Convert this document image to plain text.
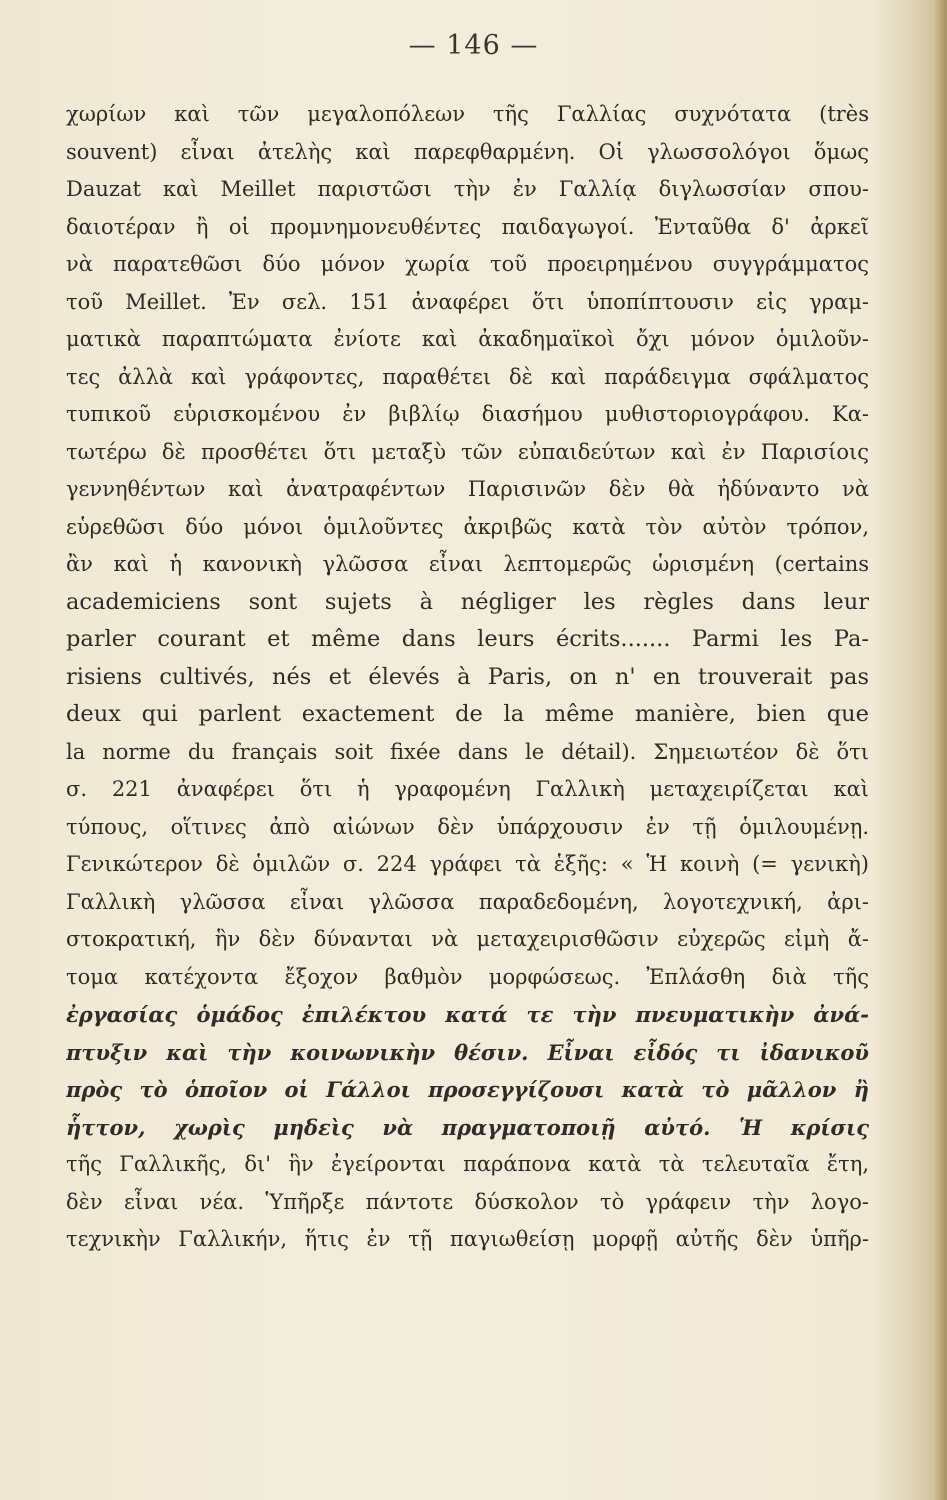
— 146 —
χωρίων καὶ τῶν μεγαλοπόλεων τῆς Γαλλίας συχνότατα (très
souvent) εἶναι ἀτελὴς καὶ παρεφθαρμένη. Οἱ γλωσσολόγοι ὅμως
Dauzat καὶ Meillet παριστῶσι τὴν ἐν Γαλλίᾳ διγλωσσίαν σπου-
δαιοτέραν ἢ οἱ προμνημονευθέντες παιδαγωγοί. Ἐνταῦθα δ' ἀρκεῖ
νὰ παρατεθῶσι δύο μόνον χωρία τοῦ προειρημένου συγγράμματος
τοῦ Meillet. Ἐν σελ. 151 ἀναφέρει ὅτι ὑποπίπτουσιν εἰς γραμ-
ματικὰ παραπτώματα ἐνίοτε καὶ ἀκαδημαϊκοὶ ὄχι μόνον ὁμιλοῦν-
τες ἀλλὰ καὶ γράφοντες, παραθέτει δὲ καὶ παράδειγμα σφάλματος
τυπικοῦ εὑρισκομένου ἐν βιβλίῳ διασήμου μυθιστοριογράφου. Κα-
τωτέρω δὲ προσθέτει ὅτι μεταξὺ τῶν εὐπαιδεύτων καὶ ἐν Παρισίοις
γεννηθέντων καὶ ἀνατραφέντων Παρισινῶν δὲν θὰ ἠδύναντο νὰ
εὑρεθῶσι δύο μόνοι ὁμιλοῦντες ἀκριβῶς κατὰ τὸν αὐτὸν τρόπον,
ἂν καὶ ἡ κανονικὴ γλῶσσα εἶναι λεπτομερῶς ὡρισμένη (certains
academiciens sont sujets à négliger les règles dans leur
parler courant et même dans leurs écrits....... Parmi les Pa-
risiens cultivés, nés et élevés à Paris, on n' en trouverait pas
deux qui parlent exactement de la même manière, bien que
la norme du français soit fixée dans le détail). Σημειωτέον δὲ ὅτι
σ. 221 ἀναφέρει ὅτι ἡ γραφομένη Γαλλικὴ μεταχειρίζεται καὶ
τύπους, οἵτινες ἀπὸ αἰώνων δὲν ὑπάρχουσιν ἐν τῇ ὁμιλουμένῃ.
Γενικώτερον δὲ ὁμιλῶν σ. 224 γράφει τὰ ἑξῆς: « Ἡ κοινὴ (= γενικὴ)
Γαλλικὴ γλῶσσα εἶναι γλῶσσα παραδεδομένη, λογοτεχνική, ἀρι-
στοκρατική, ἣν δὲν δύνανται νὰ μεταχειρισθῶσιν εὐχερῶς εἰμὴ ἄ-
τομα κατέχοντα ἔξοχον βαθμὸν μορφώσεως. Ἐπλάσθη διὰ τῆς
ἐργασίας ὁμάδος ἐπιλέκτου κατά τε τὴν πνευματικὴν ἀνά-
πτυξιν καὶ τὴν κοινωνικὴν θέσιν. Εἶναι εἶδός τι ἰδανικοῦ
πρὸς τὸ ὁποῖον οἱ Γάλλοι προσεγγίζουσι κατὰ τὸ μᾶλλον ἢ
ἧττον, χωρὶς μηδεὶς νὰ πραγματοποιῇ αὐτό. Ἡ κρίσις
τῆς Γαλλικῆς, δι' ἣν ἐγείρονται παράπονα κατὰ τὰ τελευταῖα ἔτη,
δὲν εἶναι νέα. Ὑπῆρξε πάντοτε δύσκολον τὸ γράφειν τὴν λογο-
τεχνικὴν Γαλλικήν, ἥτις ἐν τῇ παγιωθείσῃ μορφῇ αὐτῆς δὲν ὑπῆρ-
